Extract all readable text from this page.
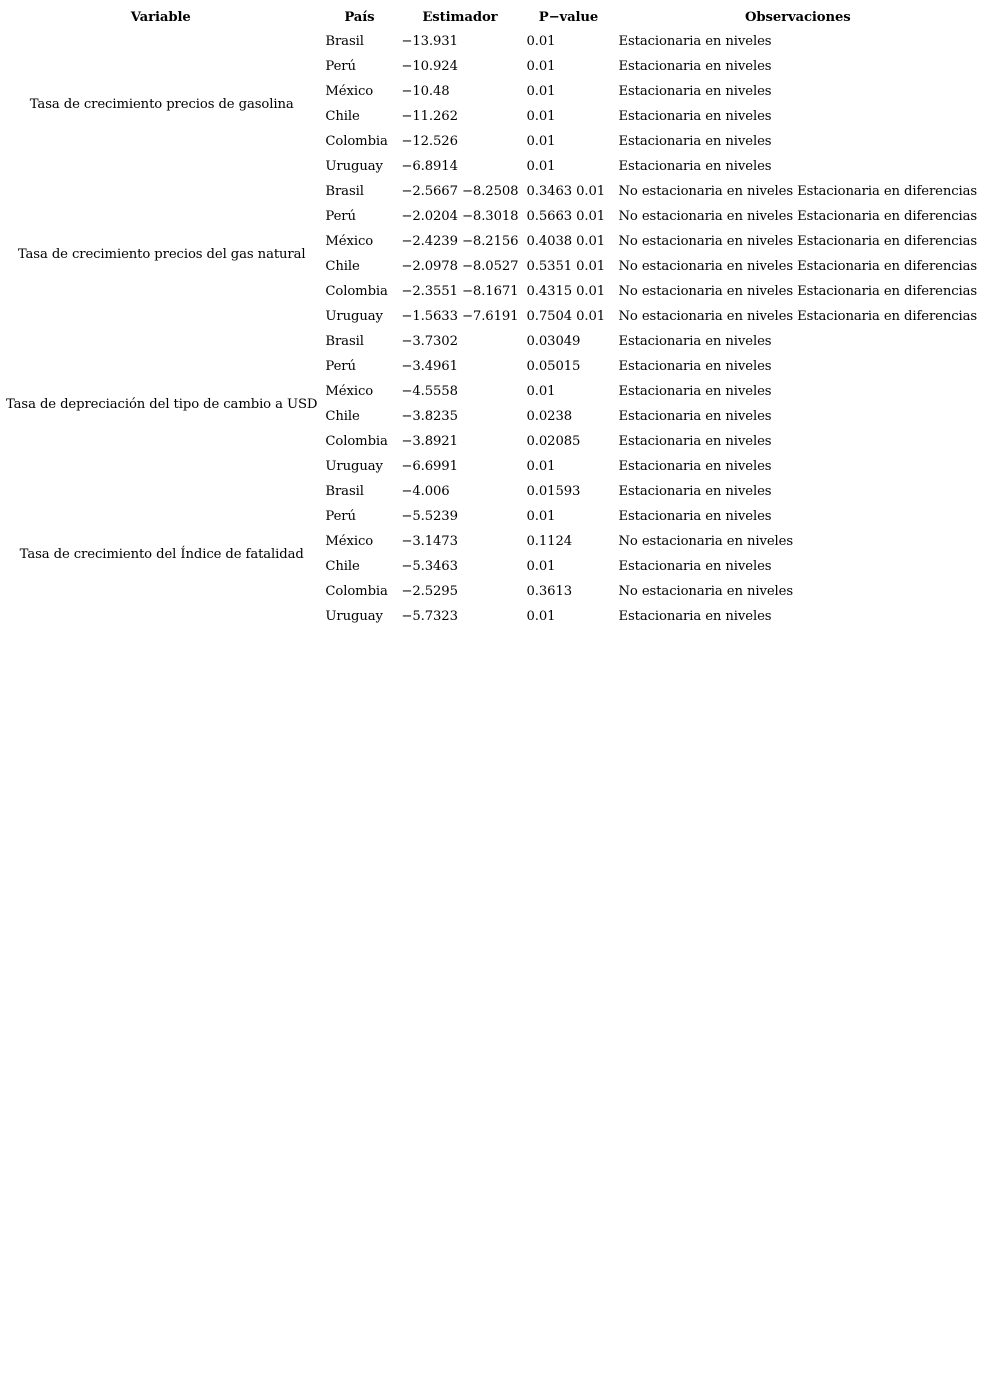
Variable	País	Estimador	P−value	Observaciones
Tasa de crecimiento precios de gasolina	Brasil	−13.931	0.01	Estacionaria en niveles
	Perú	−10.924	0.01	Estacionaria en niveles
	México	−10.48	0.01	Estacionaria en niveles
	Chile	−11.262	0.01	Estacionaria en niveles
	Colombia	−12.526	0.01	Estacionaria en niveles
	Uruguay	−6.8914	0.01	Estacionaria en niveles
Tasa de crecimiento precios del gas natural	Brasil	−2.5667 −8.2508	0.3463 0.01	No estacionaria en niveles Estacionaria en diferencias
	Perú	−2.0204 −8.3018	0.5663 0.01	No estacionaria en niveles Estacionaria en diferencias
	México	−2.4239 −8.2156	0.4038 0.01	No estacionaria en niveles Estacionaria en diferencias
	Chile	−2.0978 −8.0527	0.5351 0.01	No estacionaria en niveles Estacionaria en diferencias
	Colombia	−2.3551 −8.1671	0.4315 0.01	No estacionaria en niveles Estacionaria en diferencias
	Uruguay	−1.5633 −7.6191	0.7504 0.01	No estacionaria en niveles Estacionaria en diferencias
Tasa de depreciación del tipo de cambio a USD	Brasil	−3.7302	0.03049	Estacionaria en niveles
	Perú	−3.4961	0.05015	Estacionaria en niveles
	México	−4.5558	0.01	Estacionaria en niveles
	Chile	−3.8235	0.0238	Estacionaria en niveles
	Colombia	−3.8921	0.02085	Estacionaria en niveles
	Uruguay	−6.6991	0.01	Estacionaria en niveles
Tasa de crecimiento del Índice de fatalidad	Brasil	−4.006	0.01593	Estacionaria en niveles
	Perú	−5.5239	0.01	Estacionaria en niveles
	México	−3.1473	0.1124	No estacionaria en niveles
	Chile	−5.3463	0.01	Estacionaria en niveles
	Colombia	−2.5295	0.3613	No estacionaria en niveles
	Uruguay	−5.7323	0.01	Estacionaria en niveles
